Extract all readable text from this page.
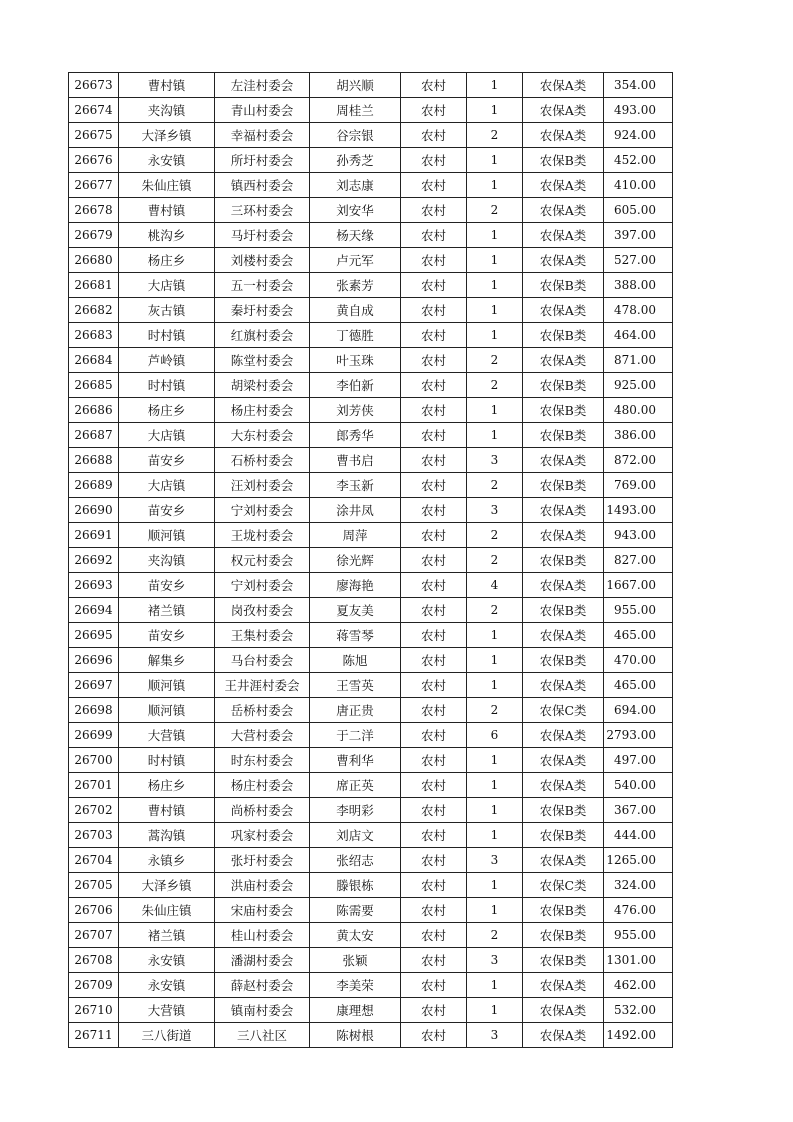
26673	曹村镇	左洼村委会	胡兴顺	农村	1	农保A类	354.00
26674	夹沟镇	青山村委会	周桂兰	农村	1	农保A类	493.00
26675	大泽乡镇	幸福村委会	谷宗银	农村	2	农保A类	924.00
26676	永安镇	所圩村委会	孙秀芝	农村	1	农保B类	452.00
26677	朱仙庄镇	镇西村委会	刘志康	农村	1	农保A类	410.00
26678	曹村镇	三环村委会	刘安华	农村	2	农保A类	605.00
26679	桃沟乡	马圩村委会	杨天缘	农村	1	农保A类	397.00
26680	杨庄乡	刘楼村委会	卢元军	农村	1	农保A类	527.00
26681	大店镇	五一村委会	张素芳	农村	1	农保B类	388.00
26682	灰古镇	秦圩村委会	黄自成	农村	1	农保A类	478.00
26683	时村镇	红旗村委会	丁德胜	农村	1	农保B类	464.00
26684	芦岭镇	陈堂村委会	叶玉珠	农村	2	农保A类	871.00
26685	时村镇	胡梁村委会	李伯新	农村	2	农保B类	925.00
26686	杨庄乡	杨庄村委会	刘芳侠	农村	1	农保B类	480.00
26687	大店镇	大东村委会	郎秀华	农村	1	农保B类	386.00
26688	苗安乡	石桥村委会	曹书启	农村	3	农保A类	872.00
26689	大店镇	汪刘村委会	李玉新	农村	2	农保B类	769.00
26690	苗安乡	宁刘村委会	涂井凤	农村	3	农保A类	1493.00
26691	顺河镇	王垅村委会	周萍	农村	2	农保A类	943.00
26692	夹沟镇	权元村委会	徐光辉	农村	2	农保B类	827.00
26693	苗安乡	宁刘村委会	廖海艳	农村	4	农保A类	1667.00
26694	褚兰镇	岗孜村委会	夏友美	农村	2	农保B类	955.00
26695	苗安乡	王集村委会	蒋雪琴	农村	1	农保A类	465.00
26696	解集乡	马台村委会	陈旭	农村	1	农保B类	470.00
26697	顺河镇	王井涯村委会	王雪英	农村	1	农保A类	465.00
26698	顺河镇	岳桥村委会	唐正贵	农村	2	农保C类	694.00
26699	大营镇	大营村委会	于二洋	农村	6	农保A类	2793.00
26700	时村镇	时东村委会	曹利华	农村	1	农保A类	497.00
26701	杨庄乡	杨庄村委会	席正英	农村	1	农保A类	540.00
26702	曹村镇	尚桥村委会	李明彩	农村	1	农保B类	367.00
26703	蒿沟镇	巩家村委会	刘店文	农村	1	农保B类	444.00
26704	永镇乡	张圩村委会	张绍志	农村	3	农保A类	1265.00
26705	大泽乡镇	洪庙村委会	滕银栋	农村	1	农保C类	324.00
26706	朱仙庄镇	宋庙村委会	陈需要	农村	1	农保B类	476.00
26707	褚兰镇	桂山村委会	黄太安	农村	2	农保B类	955.00
26708	永安镇	潘湖村委会	张颖	农村	3	农保B类	1301.00
26709	永安镇	薛赵村委会	李美荣	农村	1	农保A类	462.00
26710	大营镇	镇南村委会	康理想	农村	1	农保A类	532.00
26711	三八街道	三八社区	陈树根	农村	3	农保A类	1492.00
